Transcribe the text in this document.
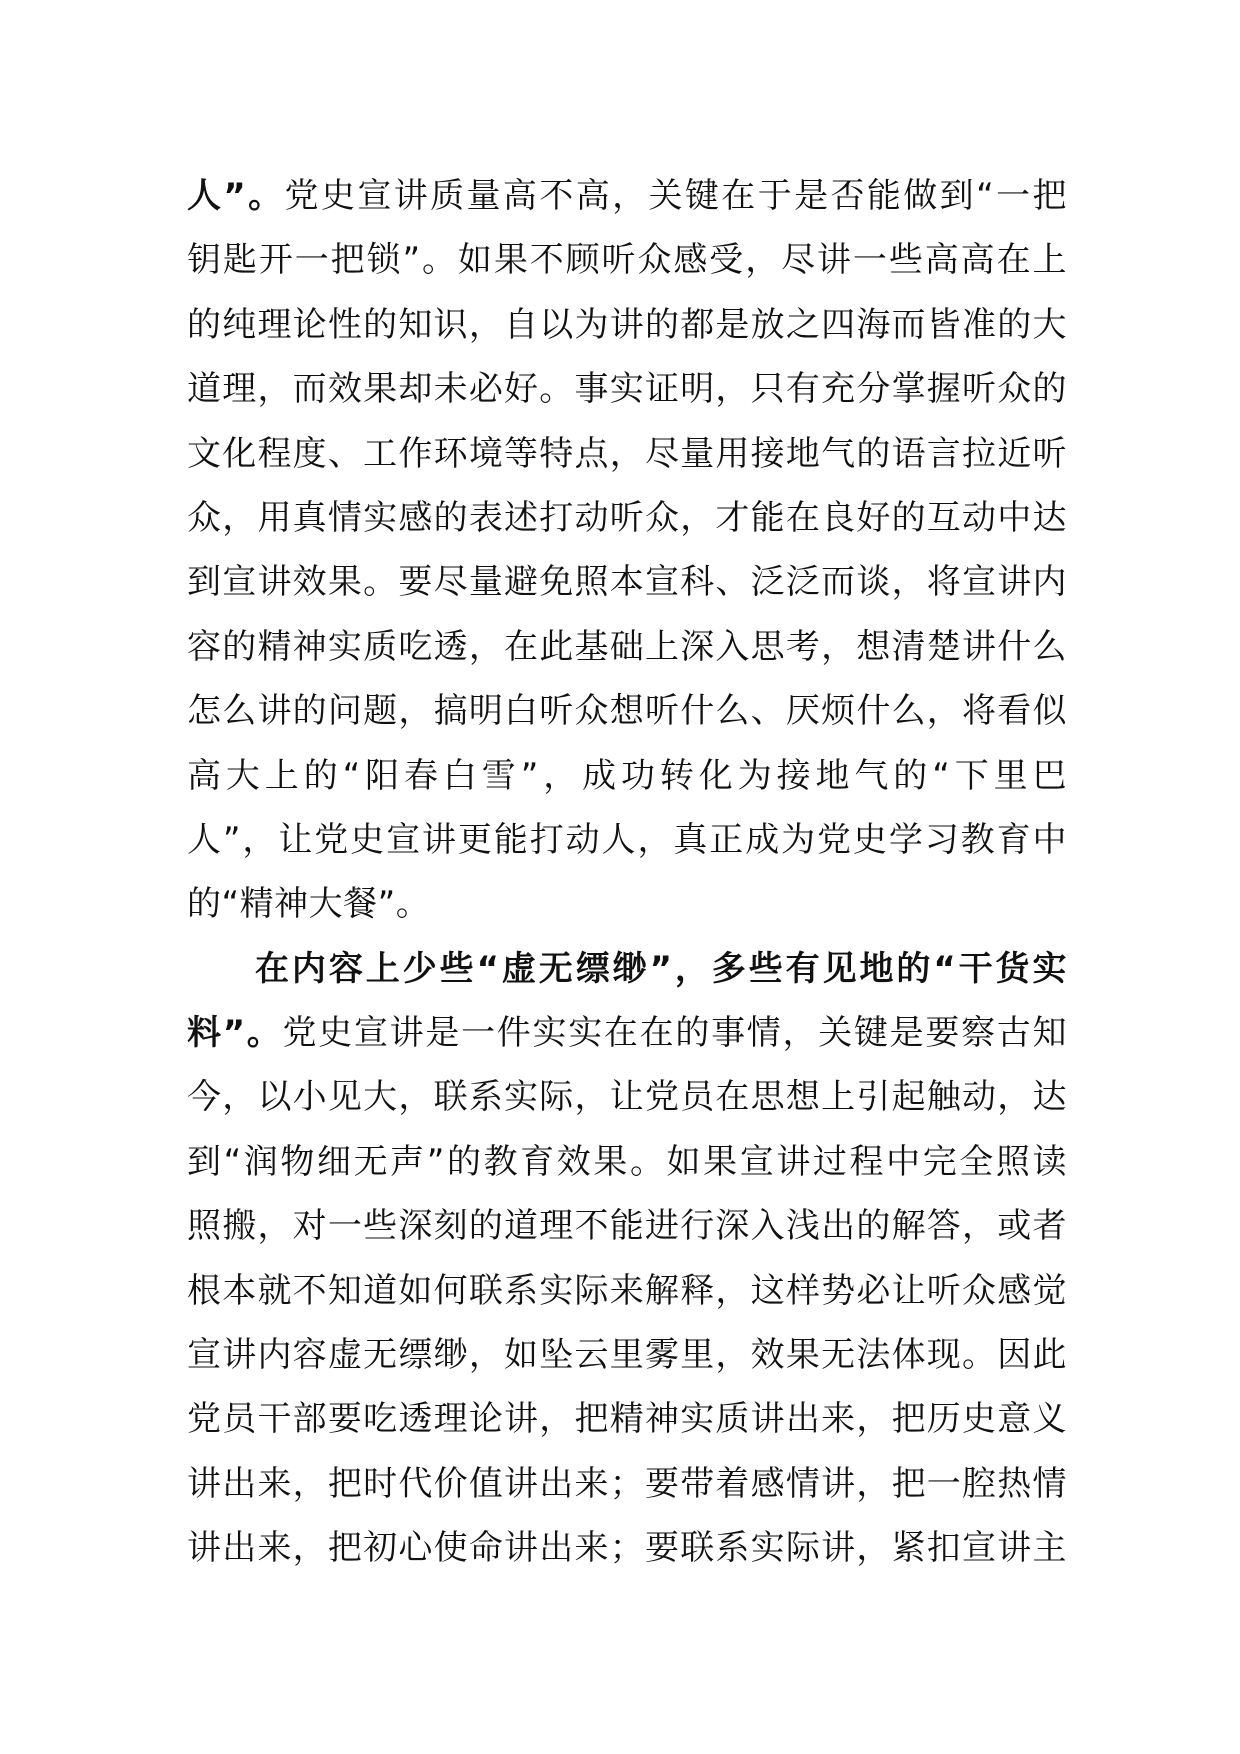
人”。党史宣讲质量高不高，关键在于是否能做到“一把
钥匙开一把锁”。如果不顾听众感受，尽讲一些高高在上
的纯理论性的知识，自以为讲的都是放之四海而皆准的大
道理，而效果却未必好。事实证明，只有充分掌握听众的
文化程度、工作环境等特点，尽量用接地气的语言拉近听
众，用真情实感的表述打动听众，才能在良好的互动中达
到宣讲效果。要尽量避免照本宣科、泛泛而谈，将宣讲内
容的精神实质吃透，在此基础上深入思考，想清楚讲什么
怎么讲的问题，搞明白听众想听什么、厌烦什么，将看似
高大上的“阳春白雪”，成功转化为接地气的“下里巴
人”，让党史宣讲更能打动人，真正成为党史学习教育中
的“精神大餐”。
在内容上少些“虚无缥缈”，多些有见地的“干货实
料”。党史宣讲是一件实实在在的事情，关键是要察古知
今，以小见大，联系实际，让党员在思想上引起触动，达
到“润物细无声”的教育效果。如果宣讲过程中完全照读
照搬，对一些深刻的道理不能进行深入浅出的解答，或者
根本就不知道如何联系实际来解释，这样势必让听众感觉
宣讲内容虚无缥缈，如坠云里雾里，效果无法体现。因此
党员干部要吃透理论讲，把精神实质讲出来，把历史意义
讲出来，把时代价值讲出来；要带着感情讲，把一腔热情
讲出来，把初心使命讲出来；要联系实际讲，紧扣宣讲主
